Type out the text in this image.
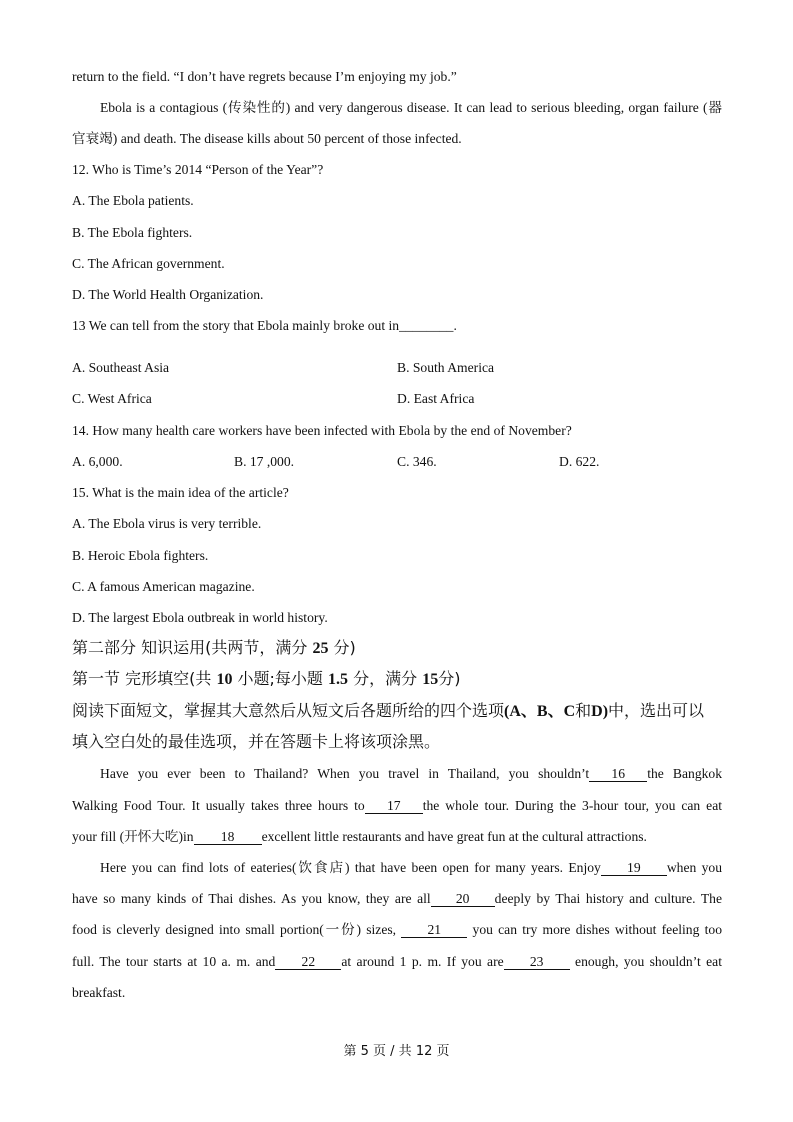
return to the field. “I don’t have regrets because I’m enjoying my job.”
Ebola is a contagious (传染性的) and very dangerous disease. It can lead to serious bleeding, organ failure (器
官衰竭) and death. The disease kills about 50 percent of those infected.
12. Who is Time’s 2014 “Person of the Year”?
A. The Ebola patients.
B. The Ebola fighters.
C. The African government.
D. The World Health Organization.
13 We can tell from the story that Ebola mainly broke out in________.
A. Southeast Asia	B. South America
C. West Africa	D. East Africa
14. How many health care workers have been infected with Ebola by the end of November?
A. 6,000.	B. 17 ,000.	C. 346.	D. 622.
15. What is the main idea of the article?
A. The Ebola virus is very terrible.
B. Heroic Ebola fighters.
C. A famous American magazine.
D. The largest Ebola outbreak in world history.
第二部分 知识运用(共两节，满分 25 分)
第一节 完形填空(共 10 小题;每小题 1.5 分，满分 15分)
阅读下面短文，掌握其大意然后从短文后各题所给的四个选项(A、B、C和D)中，选出可以
填入空白处的最佳选项，并在答题卡上将该项涂黑。
Have you ever been to Thailand? When you travel in Thailand, you shouldn’t 16 the Bangkok
Walking Food Tour. It usually takes three hours to 17 the whole tour. During the 3-hour tour, you can eat
your fill (开怀大吃)in 18 excellent little restaurants and have great fun at the cultural attractions.
Here you can find lots of eateries(饮食店) that have been open for many years. Enjoy 19 when you
have so many kinds of Thai dishes. As you know, they are all 20 deeply by Thai history and culture. The
food is cleverly designed into small portion(一份) sizes, 21 you can try more dishes without feeling too
full. The tour starts at 10 a. m. and 22 at around 1 p. m. If you are 23 enough, you shouldn’t eat
breakfast.
第 5 页 / 共 12 页
